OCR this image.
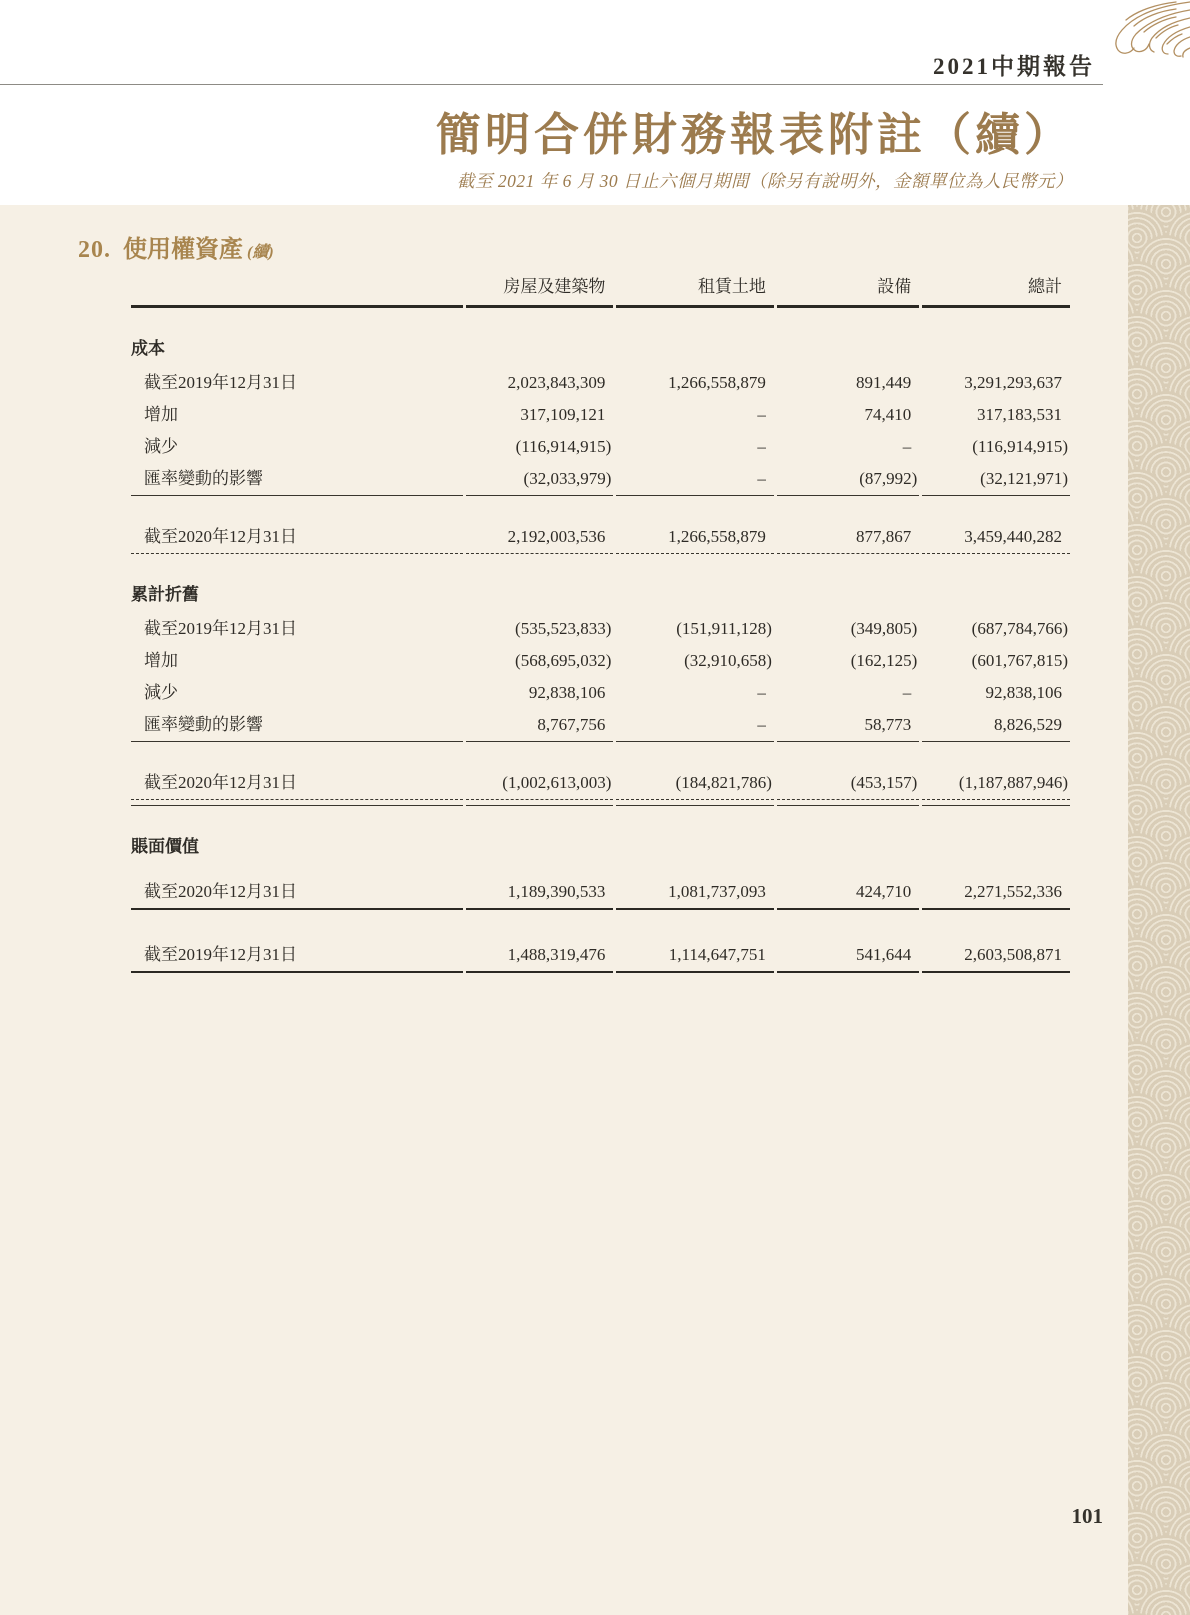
2021中期報告
簡明合併財務報表附註（續）
截至 2021 年 6 月 30 日止六個月期間（除另有說明外，金額單位為人民幣元）
20. 使用權資產 (續)
	房屋及建築物	租賃土地	設備	總計
成本				
截至2019年12月31日	2,023,843,309	1,266,558,879	891,449	3,291,293,637
增加	317,109,121	–	74,410	317,183,531
減少	(116,914,915)	–	–	(116,914,915)
匯率變動的影響	(32,033,979)	–	(87,992)	(32,121,971)
截至2020年12月31日	2,192,003,536	1,266,558,879	877,867	3,459,440,282
累計折舊				
截至2019年12月31日	(535,523,833)	(151,911,128)	(349,805)	(687,784,766)
增加	(568,695,032)	(32,910,658)	(162,125)	(601,767,815)
減少	92,838,106	–	–	92,838,106
匯率變動的影響	8,767,756	–	58,773	8,826,529
截至2020年12月31日	(1,002,613,003)	(184,821,786)	(453,157)	(1,187,887,946)

賬面價值				
截至2020年12月31日	1,189,390,533	1,081,737,093	424,710	2,271,552,336
截至2019年12月31日	1,488,319,476	1,114,647,751	541,644	2,603,508,871
101
